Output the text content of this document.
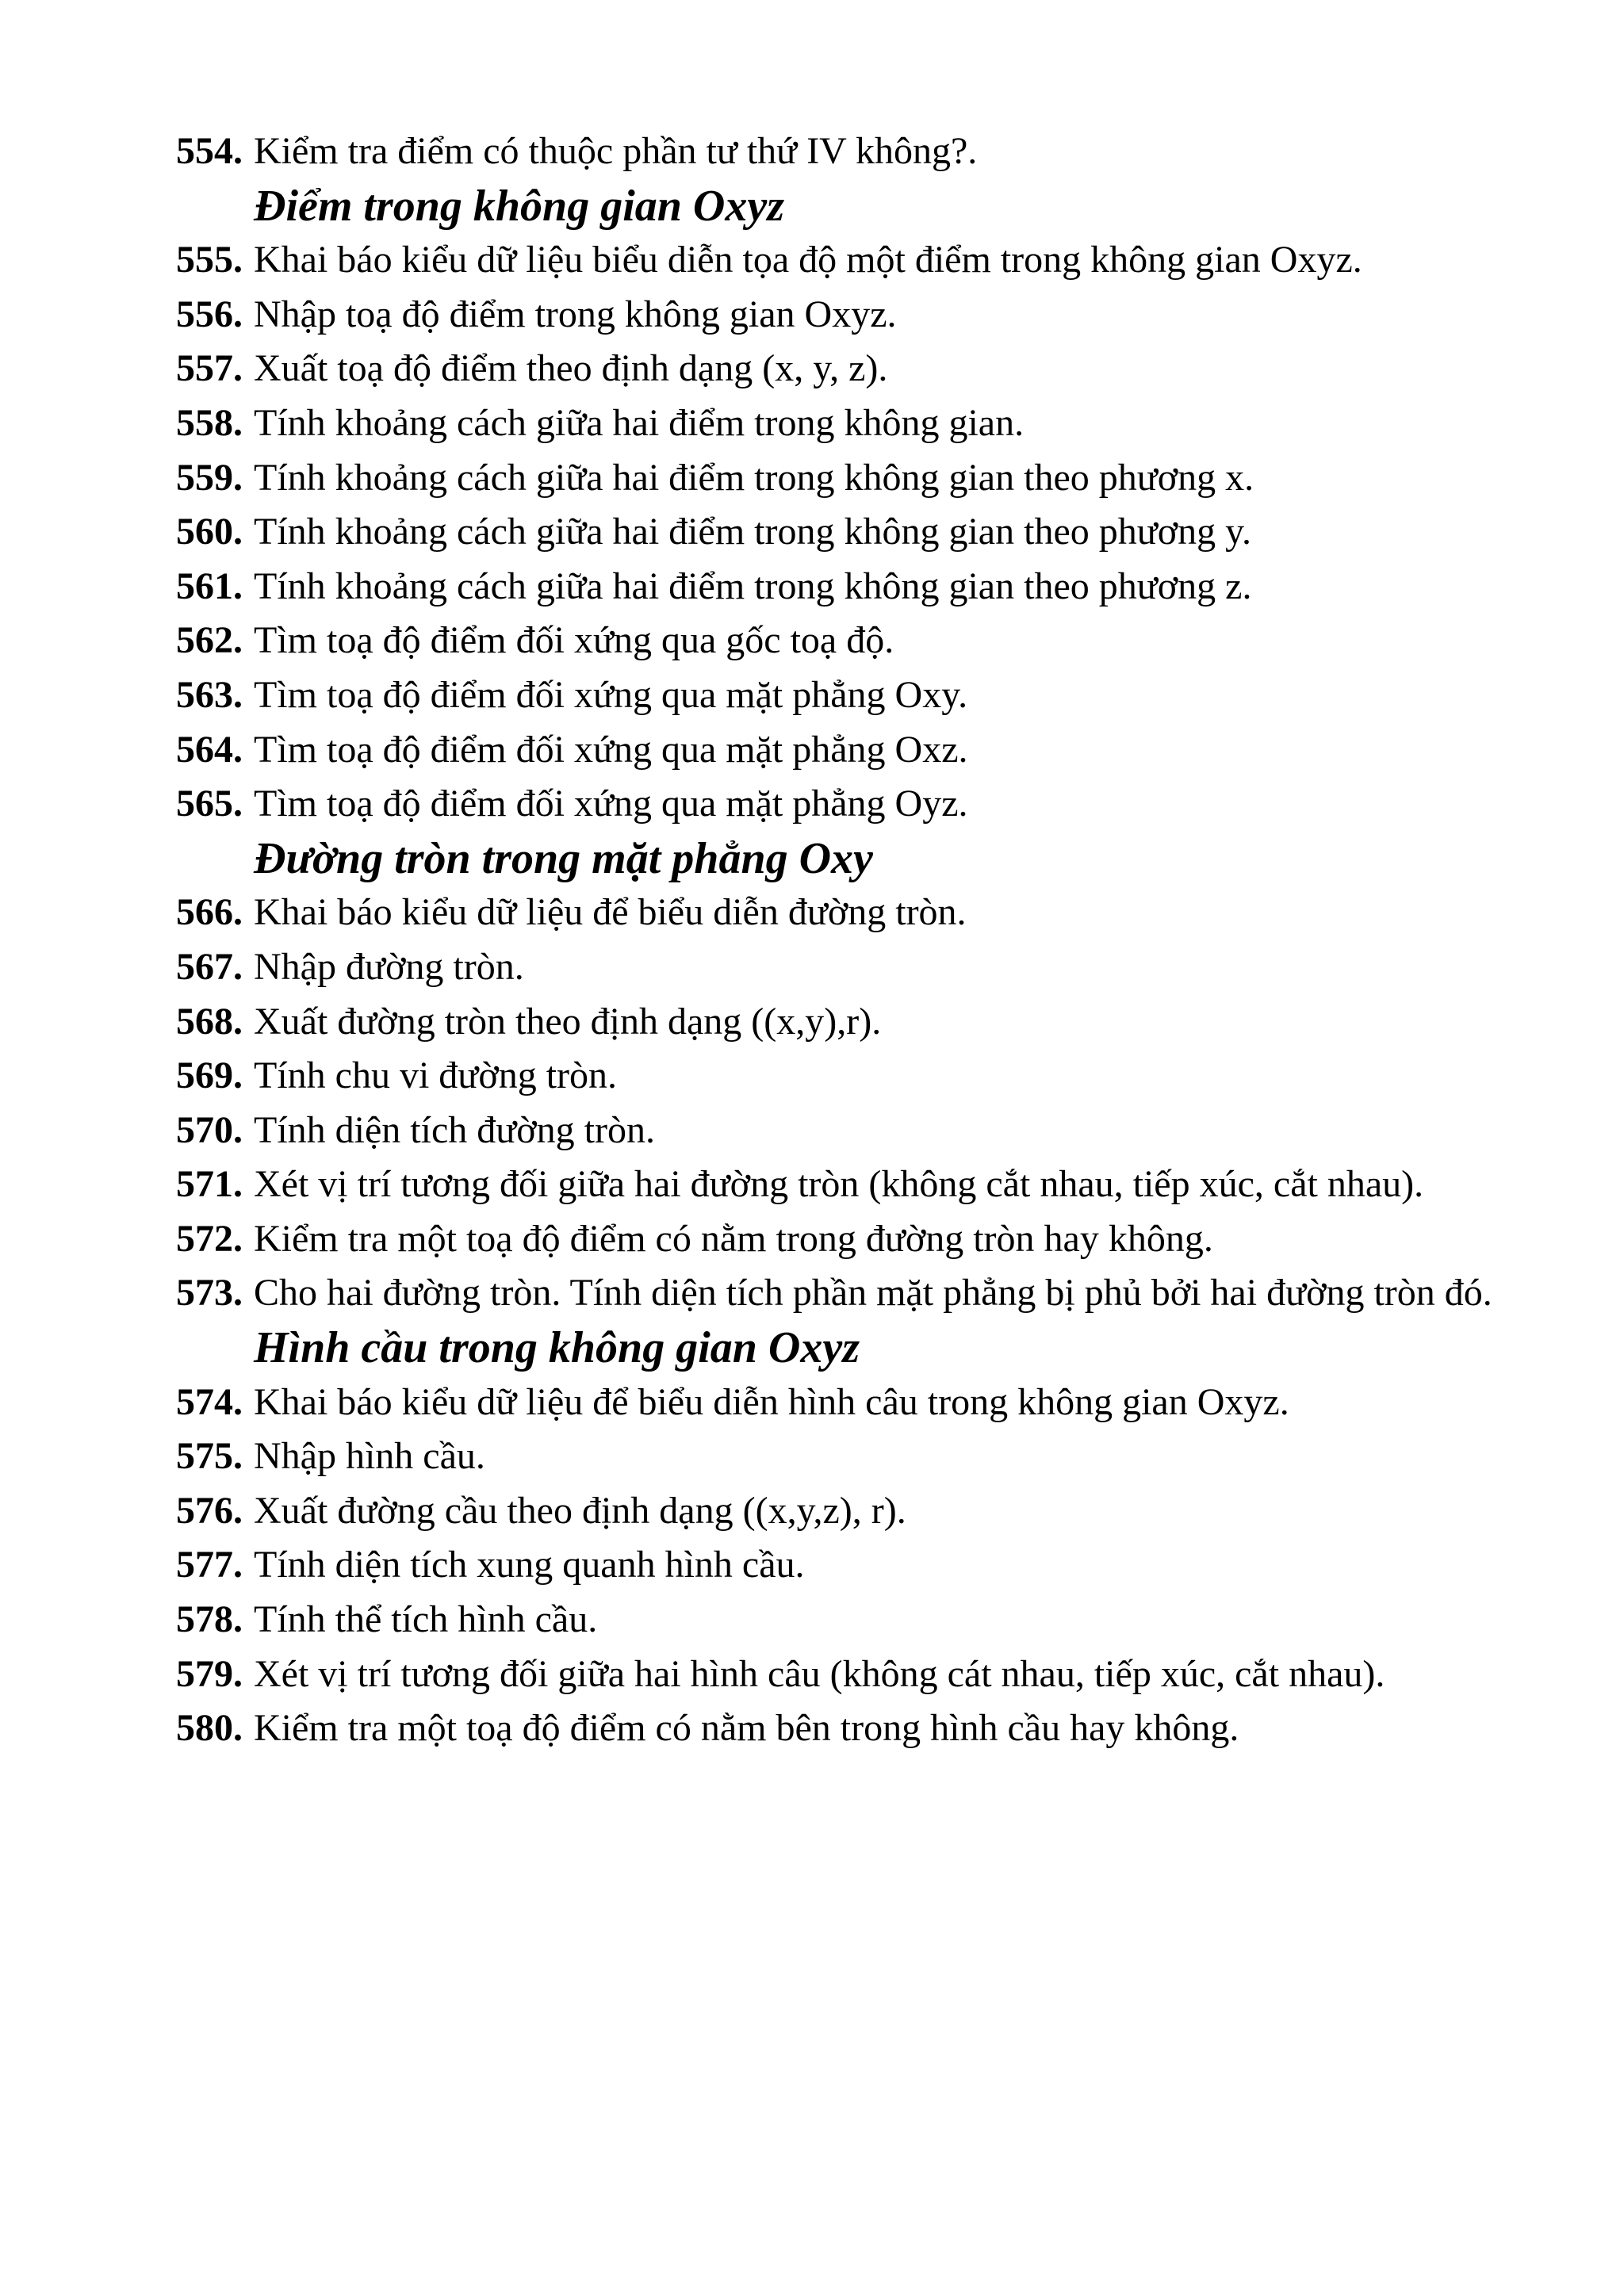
554. Kiểm tra điểm có thuộc phần tư thứ IV không?.
Điểm trong không gian Oxyz
555. Khai báo kiểu dữ liệu biểu diễn tọa độ một điểm trong không gian Oxyz.
556. Nhập toạ độ điểm trong không gian Oxyz.
557. Xuất toạ độ điểm theo định dạng (x, y, z).
558. Tính khoảng cách giữa hai điểm trong không gian.
559. Tính khoảng cách giữa hai điểm trong không gian theo phương x.
560. Tính khoảng cách giữa hai điểm trong không gian theo phương y.
561. Tính khoảng cách giữa hai điểm trong không gian theo phương z.
562. Tìm toạ độ điểm đối xứng qua gốc toạ độ.
563. Tìm toạ độ điểm đối xứng qua mặt phẳng Oxy.
564. Tìm toạ độ điểm đối xứng qua mặt phẳng Oxz.
565. Tìm toạ độ điểm đối xứng qua mặt phẳng Oyz.
Đường tròn trong mặt phẳng Oxy
566. Khai báo kiểu dữ liệu để biểu diễn đường tròn.
567. Nhập đường tròn.
568. Xuất đường tròn theo định dạng ((x,y),r).
569. Tính chu vi đường tròn.
570. Tính diện tích đường tròn.
571. Xét vị trí tương đối giữa hai đường tròn (không cắt nhau, tiếp xúc, cắt nhau).
572. Kiểm tra một toạ độ điểm có nằm trong đường tròn hay không.
573. Cho hai đường tròn. Tính diện tích phần mặt phẳng bị phủ bởi hai đường tròn đó.
Hình cầu trong không gian Oxyz
574. Khai báo kiểu dữ liệu để biểu diễn hình câu trong không gian Oxyz.
575. Nhập hình cầu.
576. Xuất đường cầu theo định dạng ((x,y,z), r).
577. Tính diện tích xung quanh hình cầu.
578. Tính thể tích hình cầu.
579. Xét vị trí tương đối giữa hai hình câu (không cát nhau, tiếp xúc, cắt nhau).
580. Kiểm tra một toạ độ điểm có nằm bên trong hình cầu hay không.
